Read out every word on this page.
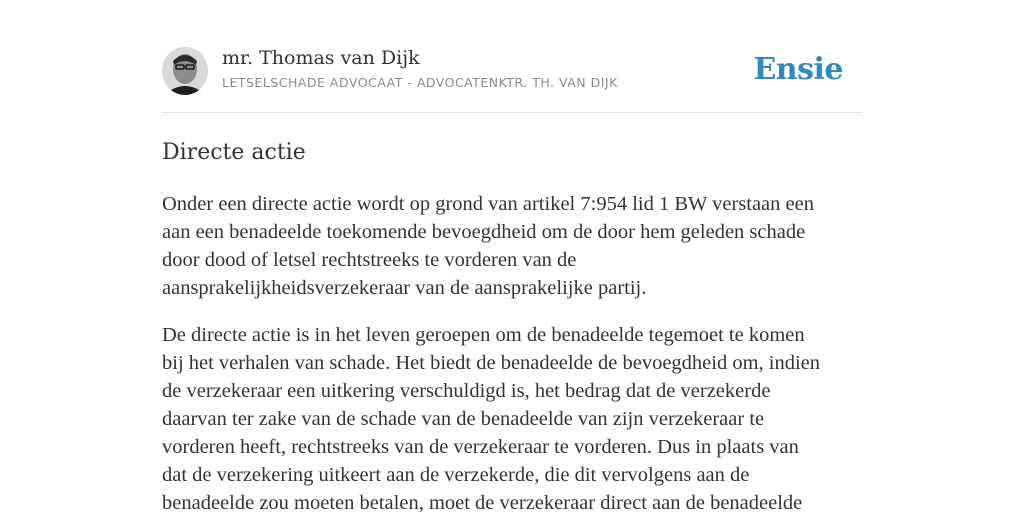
mr. Thomas van Dijk
LETSELSCHADE ADVOCAAT - ADVOCATENKTR. TH. VAN DIJK	Ensie
Directe actie
Onder een directe actie wordt op grond van artikel 7:954 lid 1 BW verstaan een
aan een benadeelde toekomende bevoegdheid om de door hem geleden schade
door dood of letsel rechtstreeks te vorderen van de
aansprakelijkheidsverzekeraar van de aansprakelijke partij.
De directe actie is in het leven geroepen om de benadeelde tegemoet te komen
bij het verhalen van schade. Het biedt de benadeelde de bevoegdheid om, indien
de verzekeraar een uitkering verschuldigd is, het bedrag dat de verzekerde
daarvan ter zake van de schade van de benadeelde van zijn verzekeraar te
vorderen heeft, rechtstreeks van de verzekeraar te vorderen. Dus in plaats van
dat de verzekering uitkeert aan de verzekerde, die dit vervolgens aan de
benadeelde zou moeten betalen, moet de verzekeraar direct aan de benadeelde
